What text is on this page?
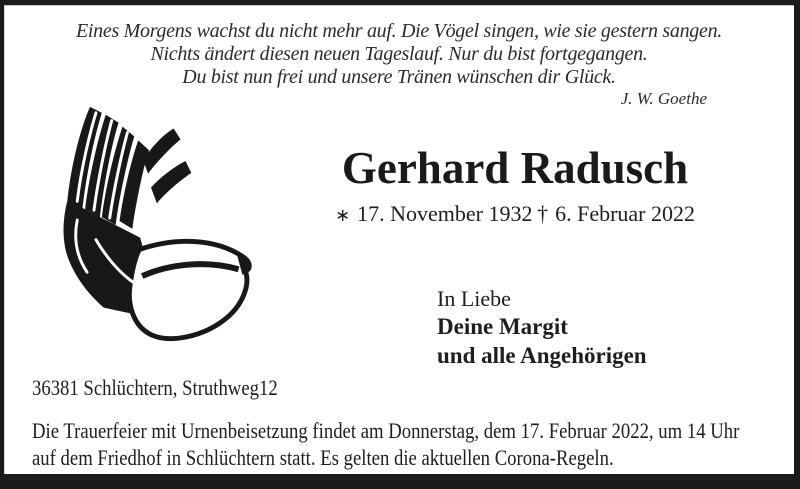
Eines Morgens wachst du nicht mehr auf. Die Vögel singen, wie sie gestern sangen.
Nichts ändert diesen neuen Tageslauf. Nur du bist fortgegangen.
Du bist nun frei und unsere Tränen wünschen dir Glück.
J. W. Goethe
Gerhard Radusch
∗ 17. November 1932 † 6. Februar 2022
In Liebe
Deine Margit
und alle Angehörigen
36381 Schlüchtern, Struthweg12
Die Trauerfeier mit Urnenbeisetzung findet am Donnerstag, dem 17. Februar 2022, um 14 Uhr
auf dem Friedhof in Schlüchtern statt. Es gelten die aktuellen Corona-Regeln.
